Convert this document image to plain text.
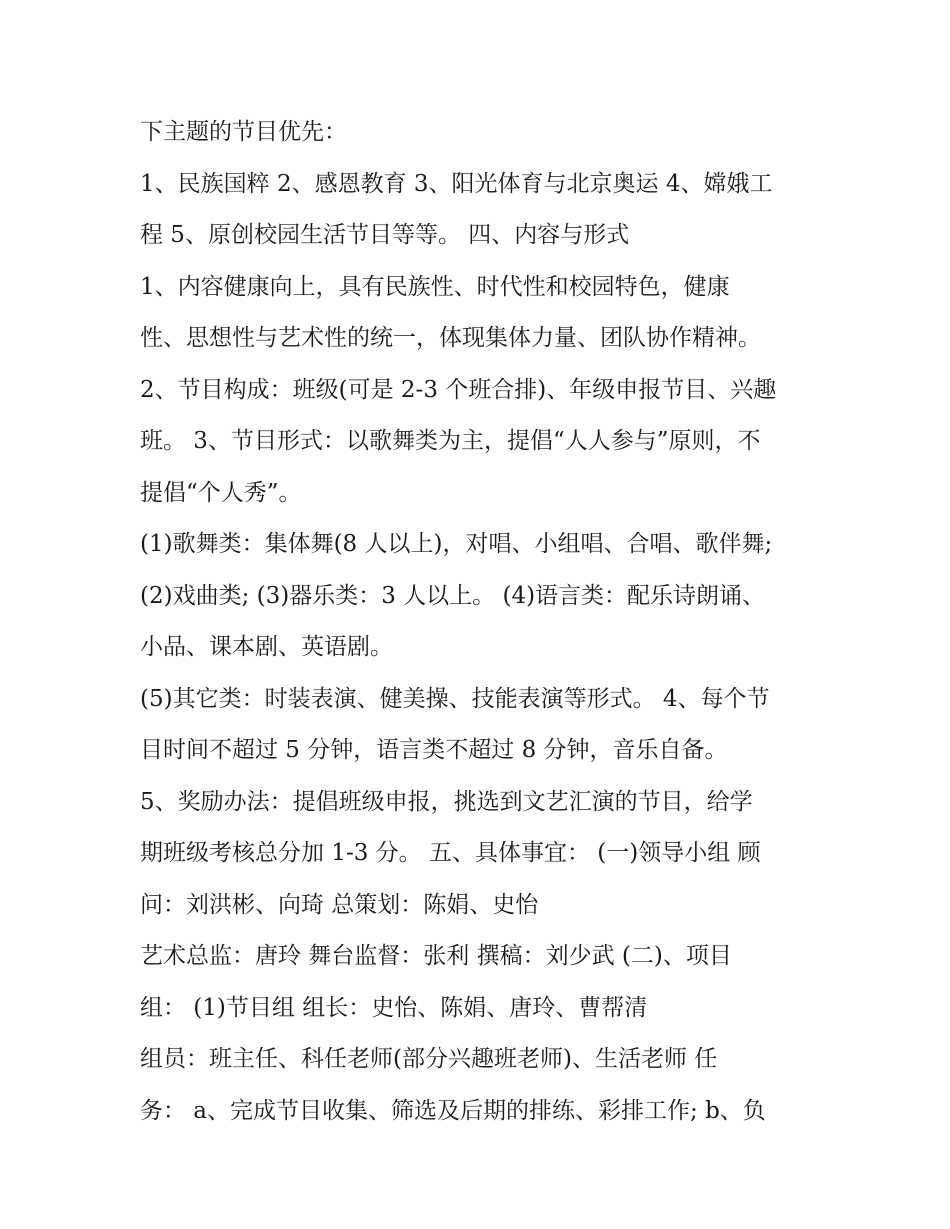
下主题的节目优先：
1、民族国粹 2、感恩教育 3、阳光体育与北京奥运 4、嫦娥工
程 5、原创校园生活节目等等。 四、内容与形式
1、内容健康向上，具有民族性、时代性和校园特色，健康
性、思想性与艺术性的统一，体现集体力量、团队协作精神。
2、节目构成：班级(可是 2-3 个班合排)、年级申报节目、兴趣
班。 3、节目形式：以歌舞类为主，提倡“人人参与”原则，不
提倡“个人秀”。
(1)歌舞类：集体舞(8 人以上)，对唱、小组唱、合唱、歌伴舞;
(2)戏曲类; (3)器乐类：3 人以上。 (4)语言类：配乐诗朗诵、
小品、课本剧、英语剧。
(5)其它类：时装表演、健美操、技能表演等形式。 4、每个节
目时间不超过 5 分钟，语言类不超过 8 分钟，音乐自备。
5、奖励办法：提倡班级申报，挑选到文艺汇演的节目，给学
期班级考核总分加 1-3 分。 五、具体事宜： (一)领导小组 顾
问：刘洪彬、向琦 总策划：陈娟、史怡
艺术总监：唐玲 舞台监督：张利 撰稿：刘少武 (二)、项目
组： (1)节目组 组长：史怡、陈娟、唐玲、曹帮清
组员：班主任、科任老师(部分兴趣班老师)、生活老师 任
务： a、完成节目收集、筛选及后期的排练、彩排工作; b、负
